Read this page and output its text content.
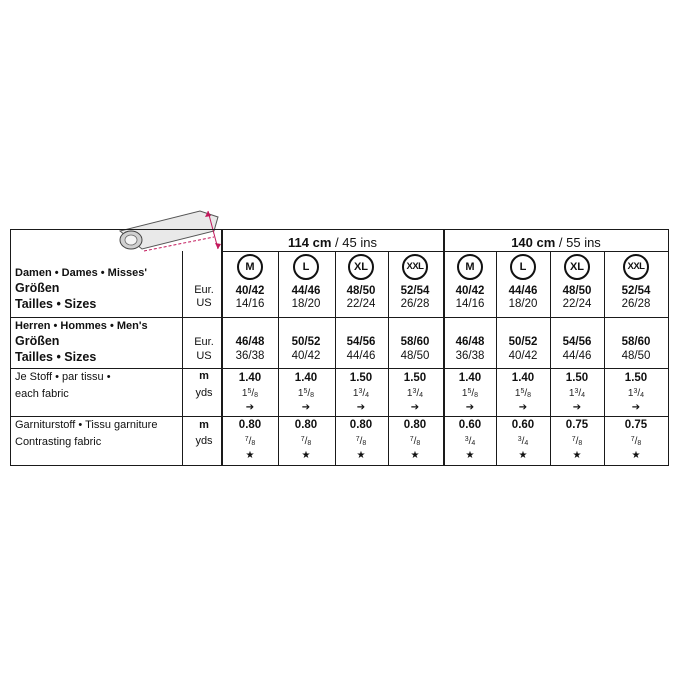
114 cm / 45 ins	140 cm / 55 ins
Damen • Dames • Misses'
Größen
Tailles • Sizes
Eur.
US
Herren • Hommes • Men's
Größen
Tailles • Sizes
Eur.
US
Je Stoff • par tissu •
each fabric
m
yds
Garniturstoff • Tissu garniture
Contrasting fabric
m
yds
M
40/42
14/16
46/48
36/38
1.40
$1^5/_8$
➔
0.80
$^7/_8$
★
L
44/46
18/20
50/52
40/42
1.40
$1^5/_8$
➔
0.80
$^7/_8$
★
XL
48/50
22/24
54/56
44/46
1.50
$1^3/_4$
➔
0.80
$^7/_8$
★
XXL
52/54
26/28
58/60
48/50
1.50
$1^3/_4$
➔
0.80
$^7/_8$
★
M
40/42
14/16
46/48
36/38
1.40
$1^5/_8$
➔
0.60
$^3/_4$
★
L
44/46
18/20
50/52
40/42
1.40
$1^5/_8$
➔
0.60
$^3/_4$
★
XL
48/50
22/24
54/56
44/46
1.50
$1^3/_4$
➔
0.75
$^7/_8$
★
XXL
52/54
26/28
58/60
48/50
1.50
$1^3/_4$
➔
0.75
$^7/_8$
★
